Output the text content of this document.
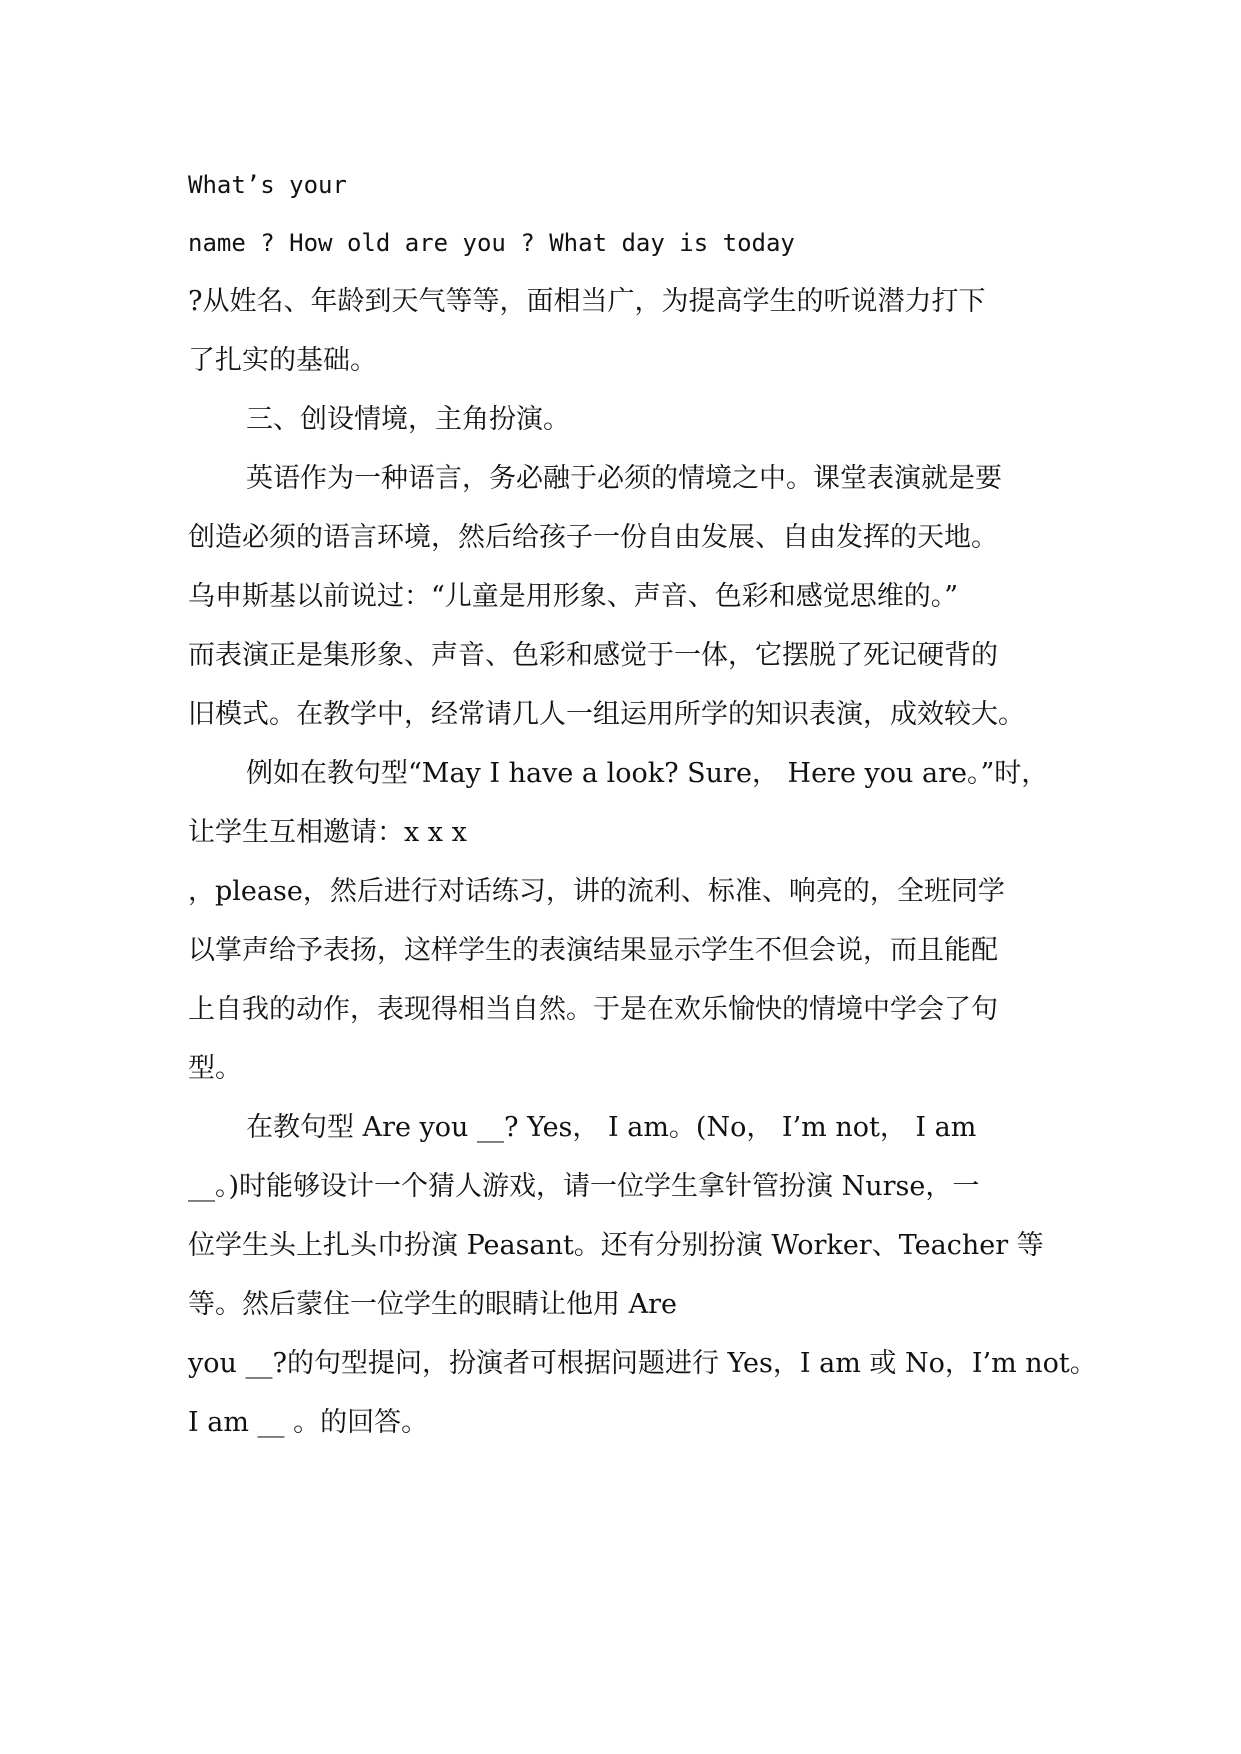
What’s your
name ? How old are you ? What day is today
?从姓名、年龄到天气等等，面相当广，为提高学生的听说潜力打下
了扎实的基础。
三、创设情境，主角扮演。
英语作为一种语言，务必融于必须的情境之中。课堂表演就是要
创造必须的语言环境，然后给孩子一份自由发展、自由发挥的天地。
乌申斯基以前说过：“儿童是用形象、声音、色彩和感觉思维的。”
而表演正是集形象、声音、色彩和感觉于一体，它摆脱了死记硬背的
旧模式。在教学中，经常请几人一组运用所学的知识表演，成效较大。
例如在教句型“May I have a look? Sure， Here you are。”时，
让学生互相邀请：x x x
，please，然后进行对话练习，讲的流利、标准、响亮的，全班同学
以掌声给予表扬，这样学生的表演结果显示学生不但会说，而且能配
上自我的动作，表现得相当自然。于是在欢乐愉快的情境中学会了句
型。
在教句型 Are you __? Yes， I am。(No， I’m not， I am
__。)时能够设计一个猜人游戏，请一位学生拿针管扮演 Nurse，一
位学生头上扎头巾扮演 Peasant。还有分别扮演 Worker、Teacher 等
等。然后蒙住一位学生的眼睛让他用 Are
you __?的句型提问，扮演者可根据问题进行 Yes，I am 或 No，I’m not。
I am __ 。的回答。
